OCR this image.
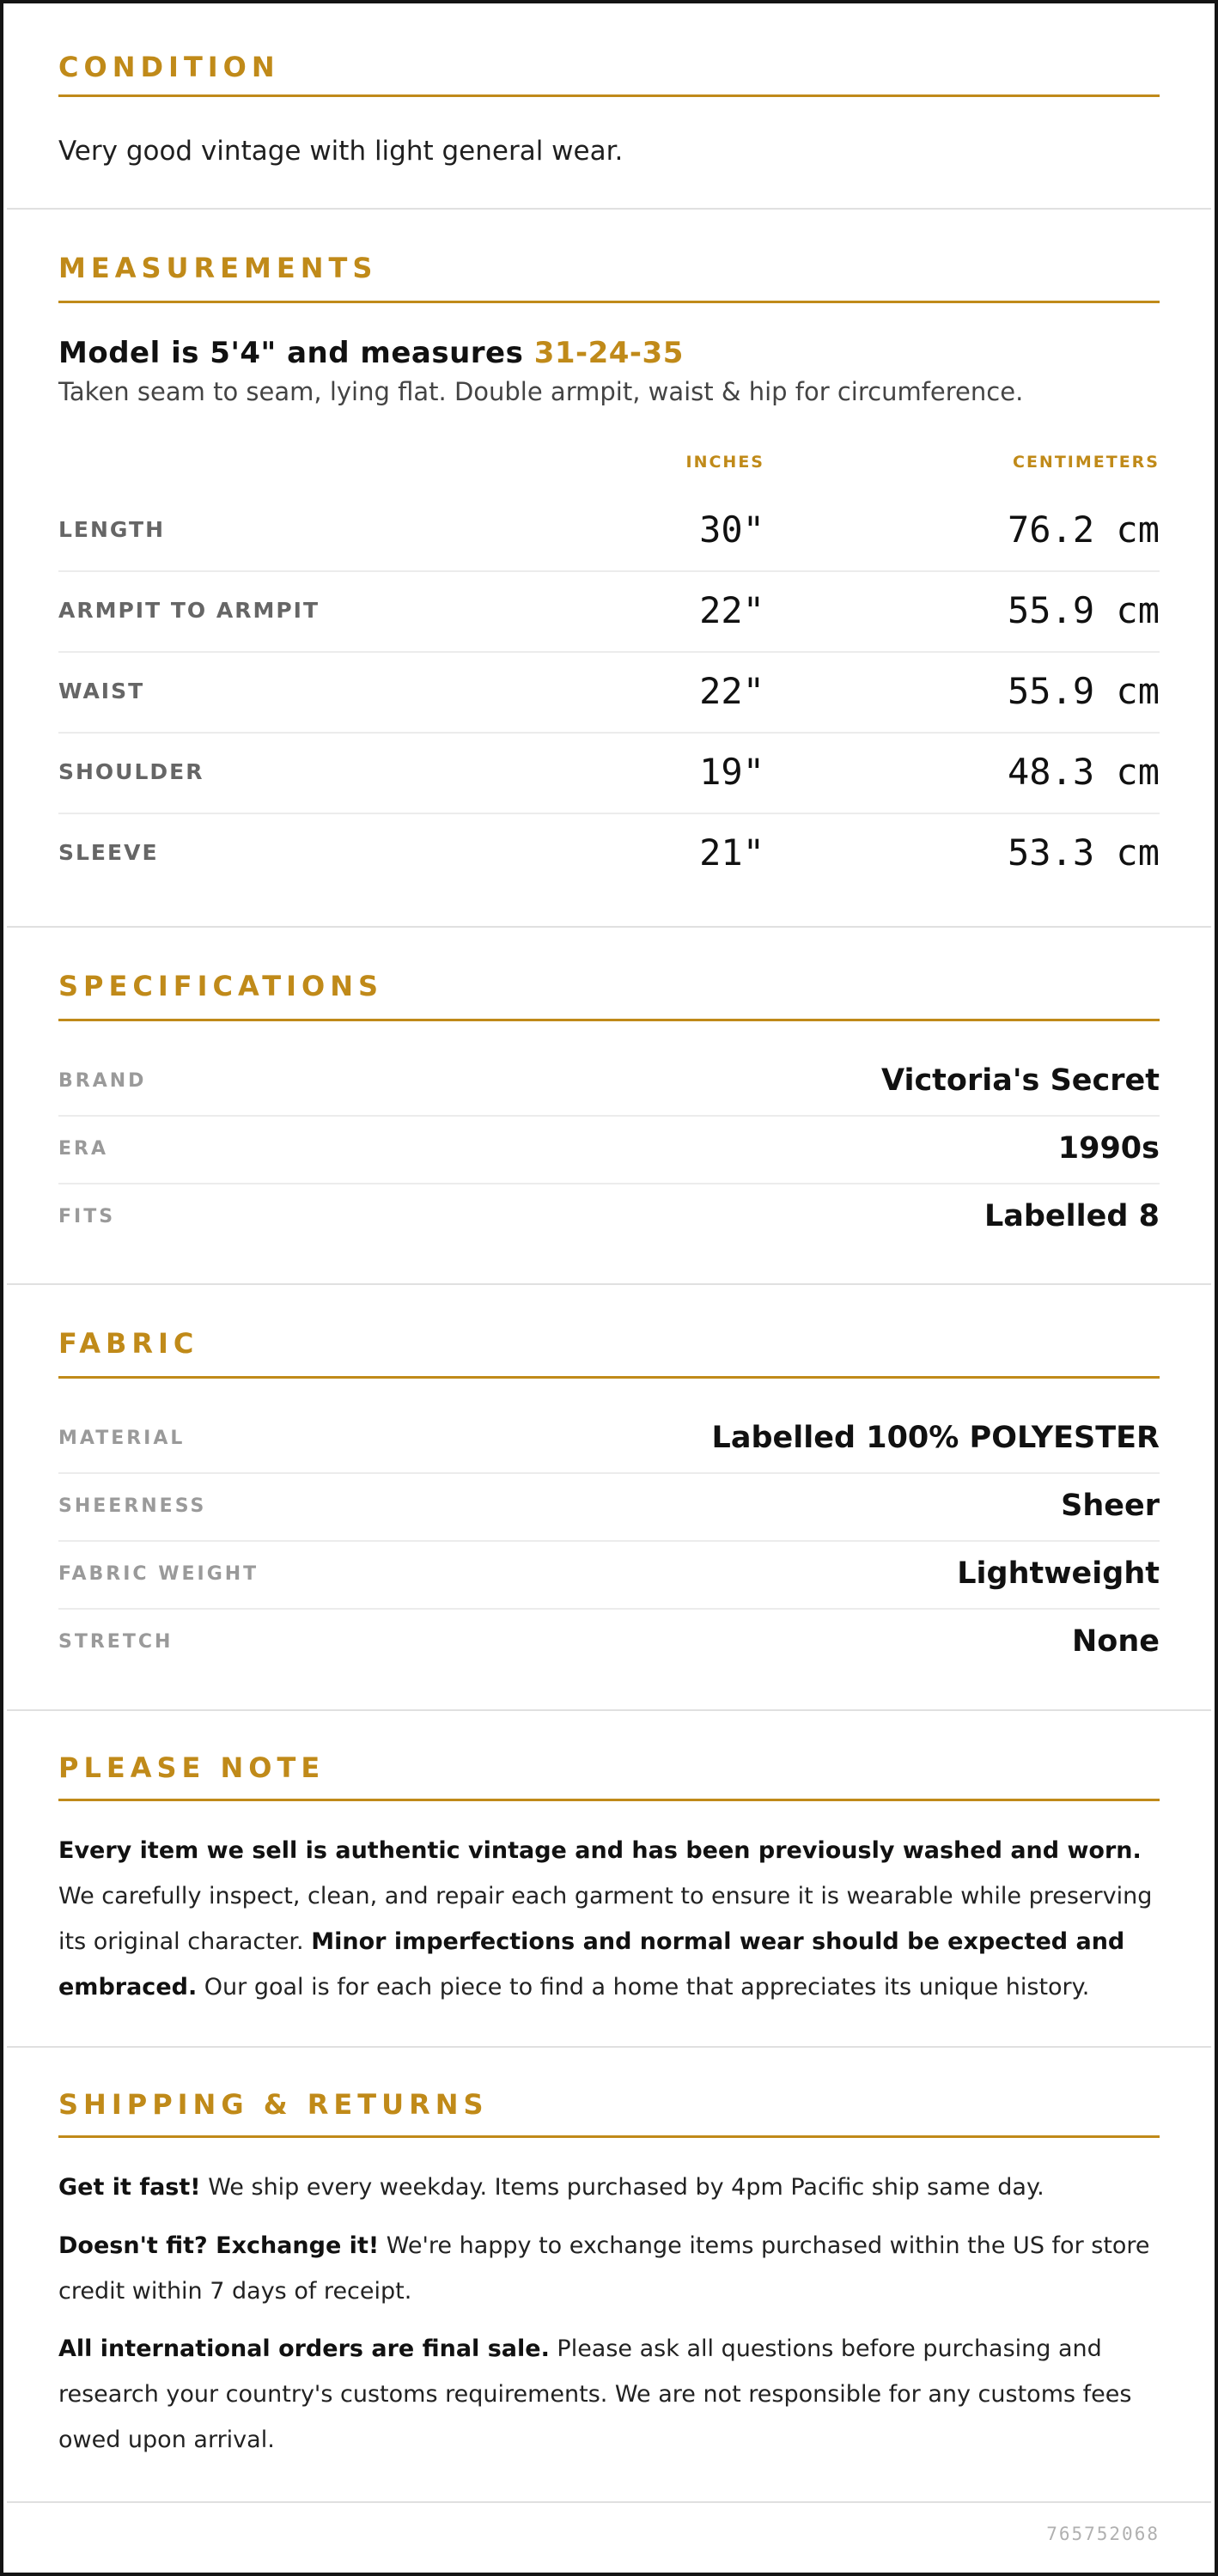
CONDITION
Very good vintage with light general wear.
MEASUREMENTS
Model is 5'4" and measures 31-24-35
Taken seam to seam, lying flat. Double armpit, waist & hip for circumference.
INCHES	CENTIMETERS
LENGTH	30"	76.2 cm
ARMPIT TO ARMPIT	22"	55.9 cm
WAIST	22"	55.9 cm
SHOULDER	19"	48.3 cm
SLEEVE	21"	53.3 cm
SPECIFICATIONS
BRAND	Victoria's Secret
ERA	1990s
FITS	Labelled 8
FABRIC
MATERIAL	Labelled 100% POLYESTER
SHEERNESS	Sheer
FABRIC WEIGHT	Lightweight
STRETCH	None
PLEASE NOTE
Every item we sell is authentic vintage and has been previously washed and worn. We carefully inspect, clean, and repair each garment to ensure it is wearable while preserving its original character. Minor imperfections and normal wear should be expected and embraced. Our goal is for each piece to find a home that appreciates its unique history.
SHIPPING & RETURNS
Get it fast! We ship every weekday. Items purchased by 4pm Pacific ship same day.
Doesn't fit? Exchange it! We're happy to exchange items purchased within the US for store credit within 7 days of receipt.
All international orders are final sale. Please ask all questions before purchasing and research your country's customs requirements. We are not responsible for any customs fees owed upon arrival.
765752068
